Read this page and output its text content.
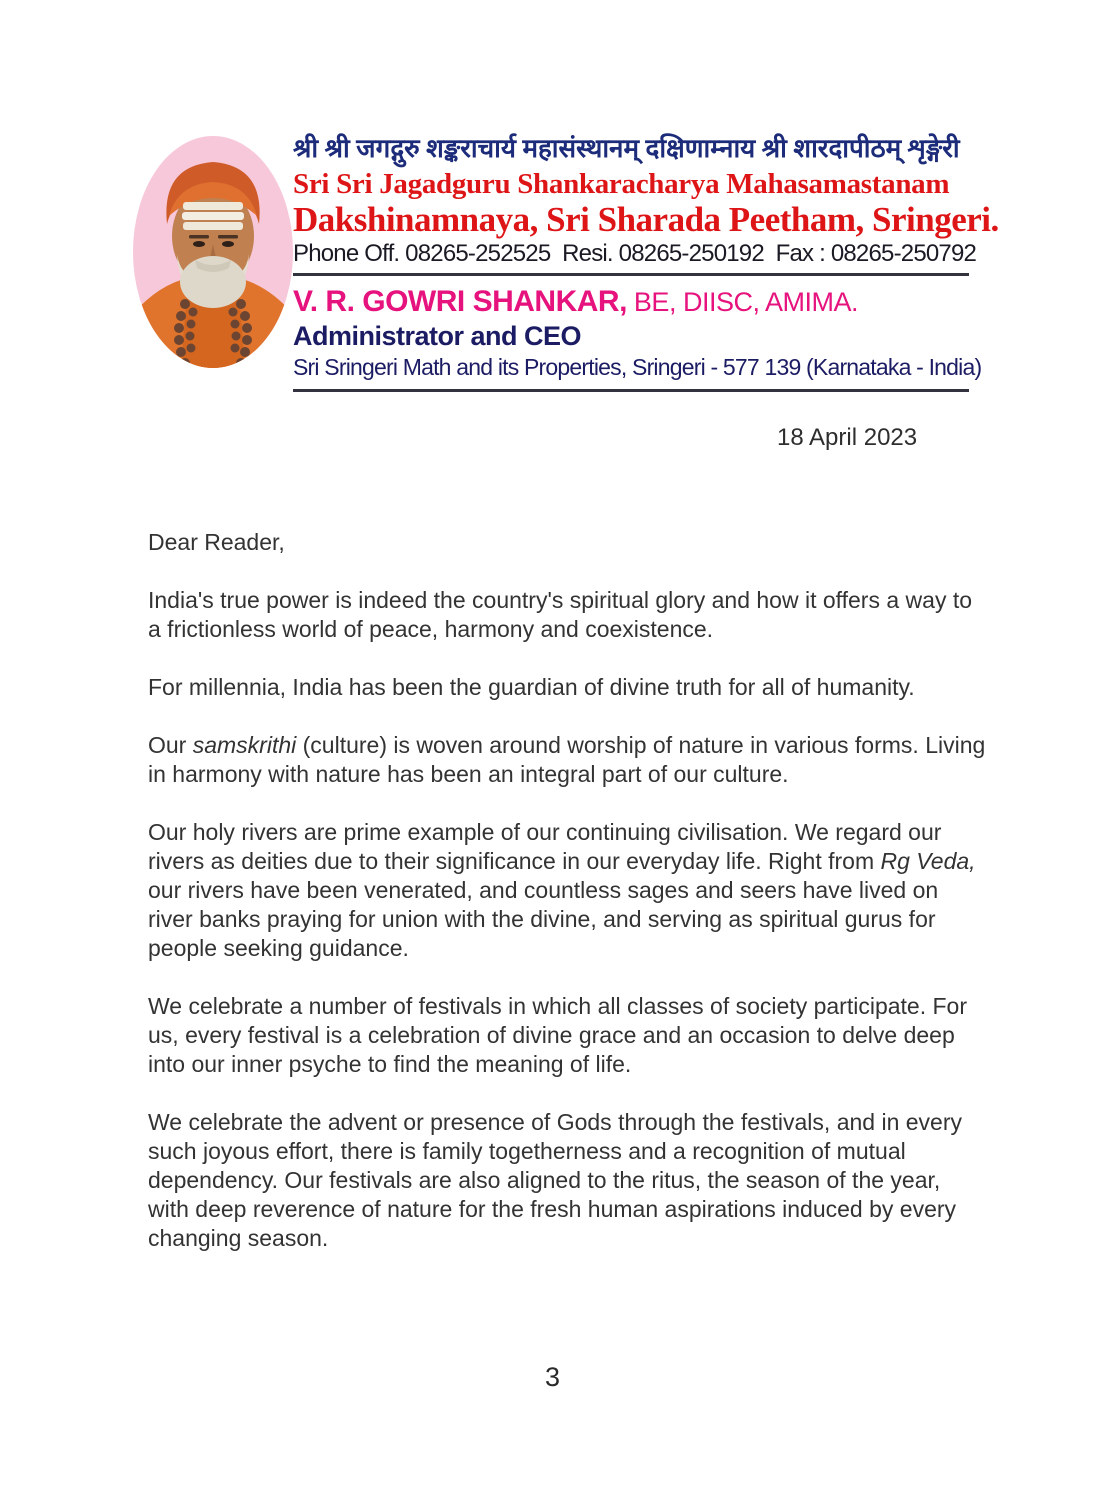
श्री श्री जगद्गुरु शङ्कराचार्य महासंस्थानम् दक्षिणाम्नाय श्री शारदापीठम् शृङ्गेरी
Sri Sri Jagadguru Shankaracharya Mahasamastanam
Dakshinamnaya, Sri Sharada Peetham, Sringeri.
Phone Off. 08265-252525  Resi. 08265-250192  Fax : 08265-250792
V. R. GOWRI SHANKAR, BE, DIISC, AMIMA.
Administrator and CEO
Sri Sringeri Math and its Properties, Sringeri - 577 139 (Karnataka - India)
18 April 2023

Dear Reader,

India's true power is indeed the country's spiritual glory and how it offers a way to a frictionless world of peace, harmony and coexistence.

For millennia, India has been the guardian of divine truth for all of humanity.

Our samskrithi (culture) is woven around worship of nature in various forms. Living in harmony with nature has been an integral part of our culture.

Our holy rivers are prime example of our continuing civilisation. We regard our rivers as deities due to their significance in our everyday life. Right from Rg Veda, our rivers have been venerated, and countless sages and seers have lived on river banks praying for union with the divine, and serving as spiritual gurus for people seeking guidance.

We celebrate a number of festivals in which all classes of society participate. For us, every festival is a celebration of divine grace and an occasion to delve deep into our inner psyche to find the meaning of life.

We celebrate the advent or presence of Gods through the festivals, and in every such joyous effort, there is family togetherness and a recognition of mutual dependency. Our festivals are also aligned to the ritus, the season of the year, with deep reverence of nature for the fresh human aspirations induced by every changing season.

3
